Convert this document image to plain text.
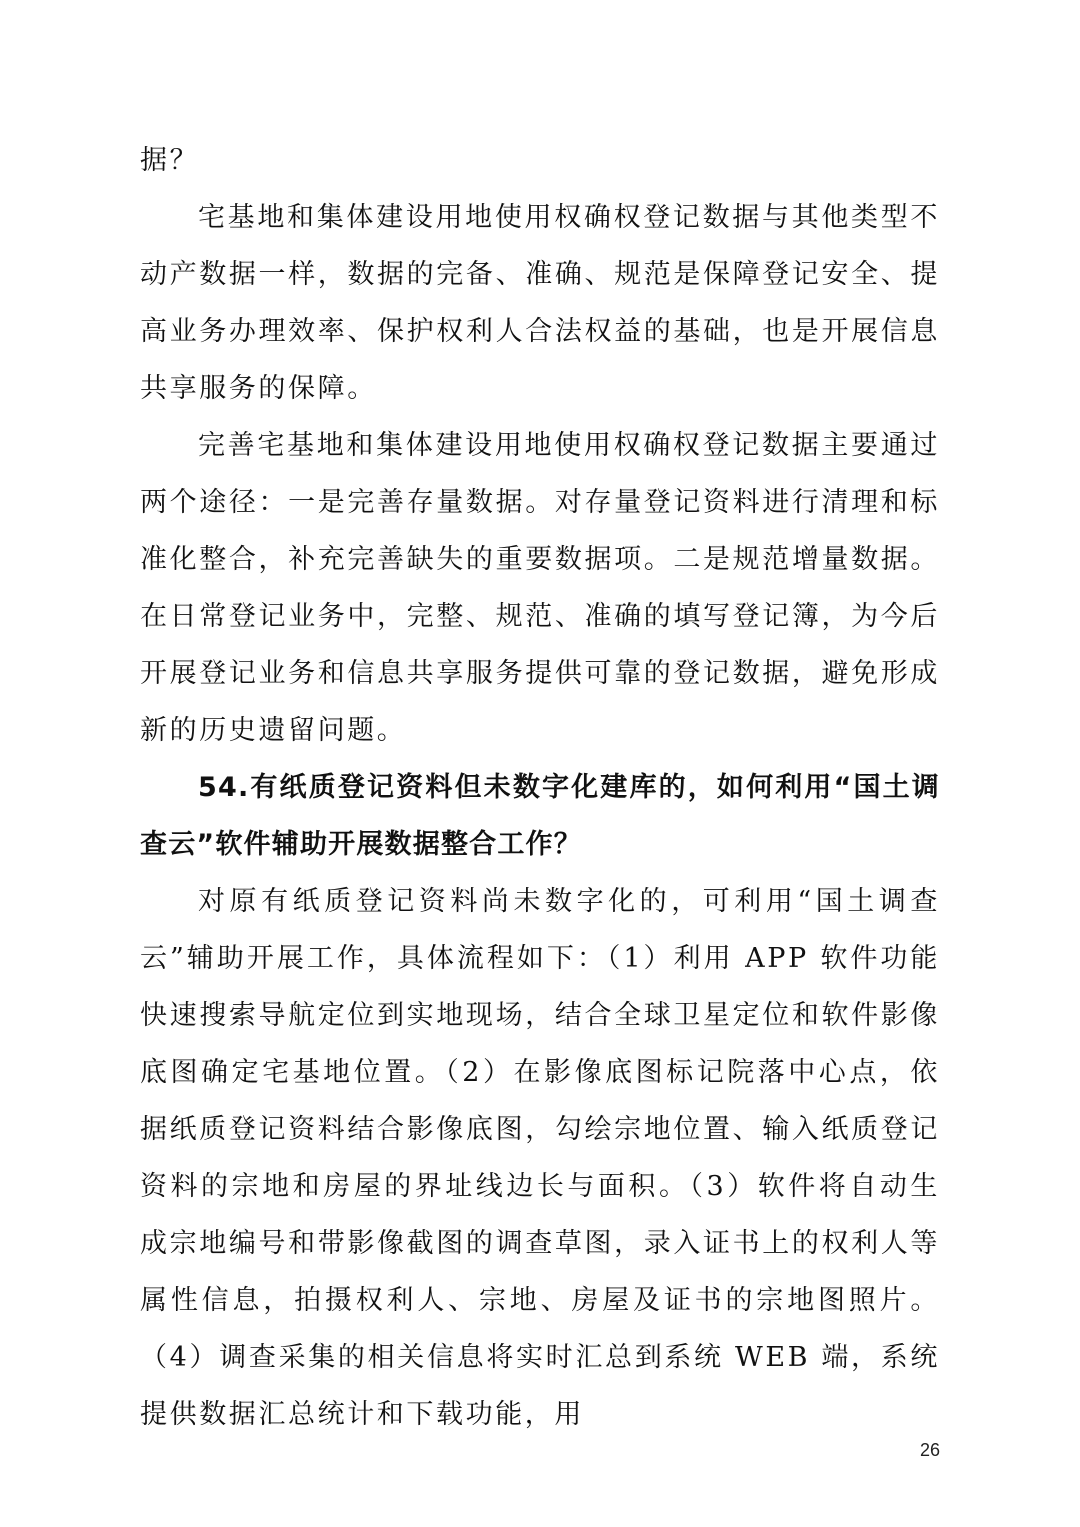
据？

宅基地和集体建设用地使用权确权登记数据与其他类型不动产数据一样，数据的完备、准确、规范是保障登记安全、提高业务办理效率、保护权利人合法权益的基础，也是开展信息共享服务的保障。

完善宅基地和集体建设用地使用权确权登记数据主要通过两个途径：一是完善存量数据。对存量登记资料进行清理和标准化整合，补充完善缺失的重要数据项。二是规范增量数据。在日常登记业务中，完整、规范、准确的填写登记簿，为今后开展登记业务和信息共享服务提供可靠的登记数据，避免形成新的历史遗留问题。

54.有纸质登记资料但未数字化建库的，如何利用“国土调查云”软件辅助开展数据整合工作？

对原有纸质登记资料尚未数字化的，可利用“国土调查云”辅助开展工作，具体流程如下：（1）利用 APP 软件功能快速搜索导航定位到实地现场，结合全球卫星定位和软件影像底图确定宅基地位置。（2）在影像底图标记院落中心点，依据纸质登记资料结合影像底图，勾绘宗地位置、输入纸质登记资料的宗地和房屋的界址线边长与面积。（3）软件将自动生成宗地编号和带影像截图的调查草图，录入证书上的权利人等属性信息，拍摄权利人、宗地、房屋及证书的宗地图照片。（4）调查采集的相关信息将实时汇总到系统 WEB 端，系统提供数据汇总统计和下载功能，用

26
